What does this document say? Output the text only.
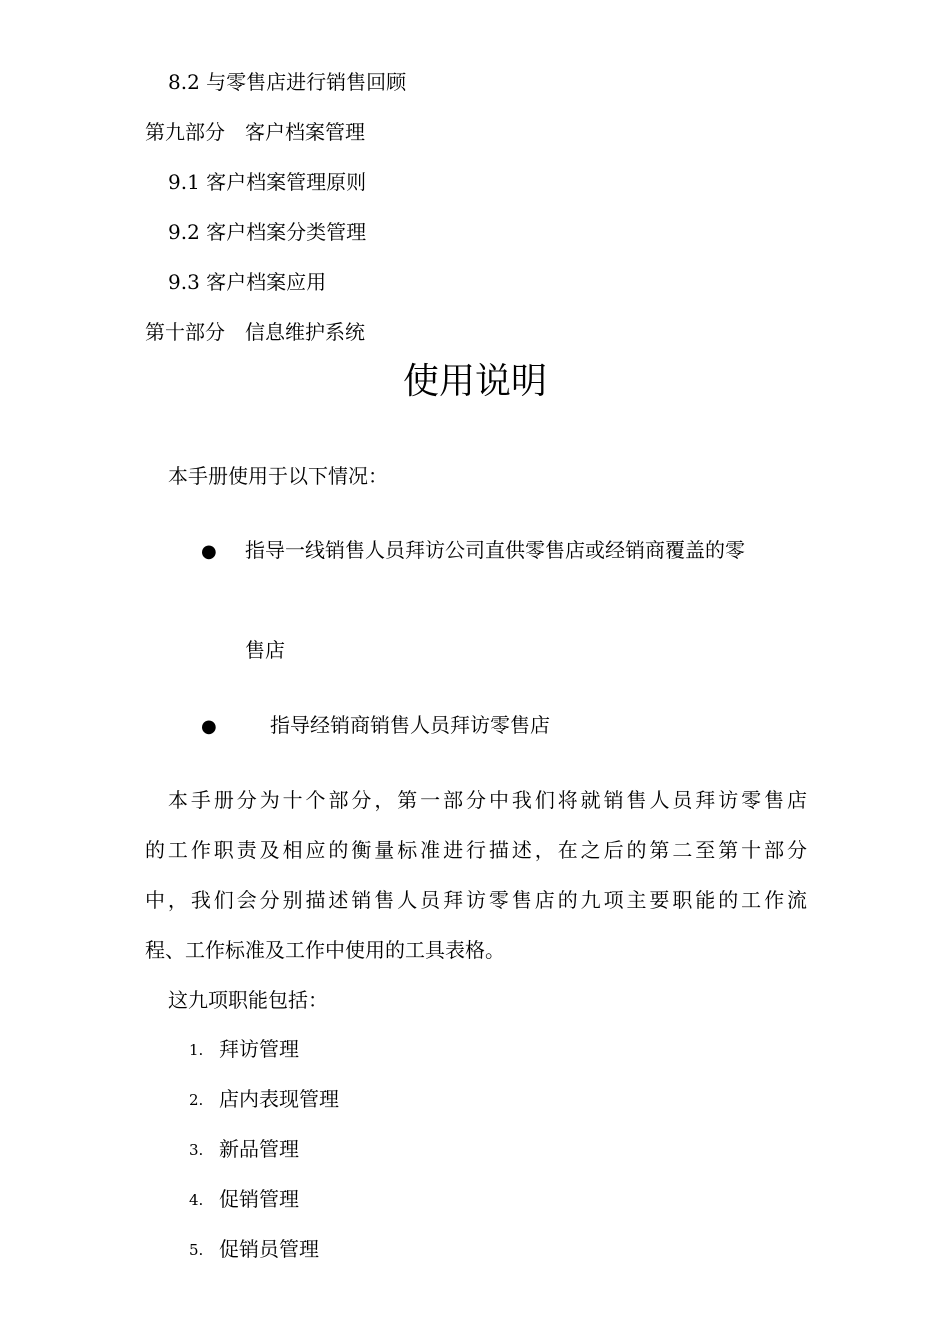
8.2 与零售店进行销售回顾
第九部分　客户档案管理
9.1 客户档案管理原则
9.2 客户档案分类管理
9.3 客户档案应用
第十部分　信息维护系统
使用说明
本手册使用于以下情况：
● 指导一线销售人员拜访公司直供零售店或经销商覆盖的零
售店
●	指导经销商销售人员拜访零售店
本手册分为十个部分，第一部分中我们将就销售人员拜访零售店
的工作职责及相应的衡量标准进行描述，在之后的第二至第十部分
中，我们会分别描述销售人员拜访零售店的九项主要职能的工作流
程、工作标准及工作中使用的工具表格。
这九项职能包括：
1. 拜访管理
2. 店内表现管理
3. 新品管理
4. 促销管理
5. 促销员管理
